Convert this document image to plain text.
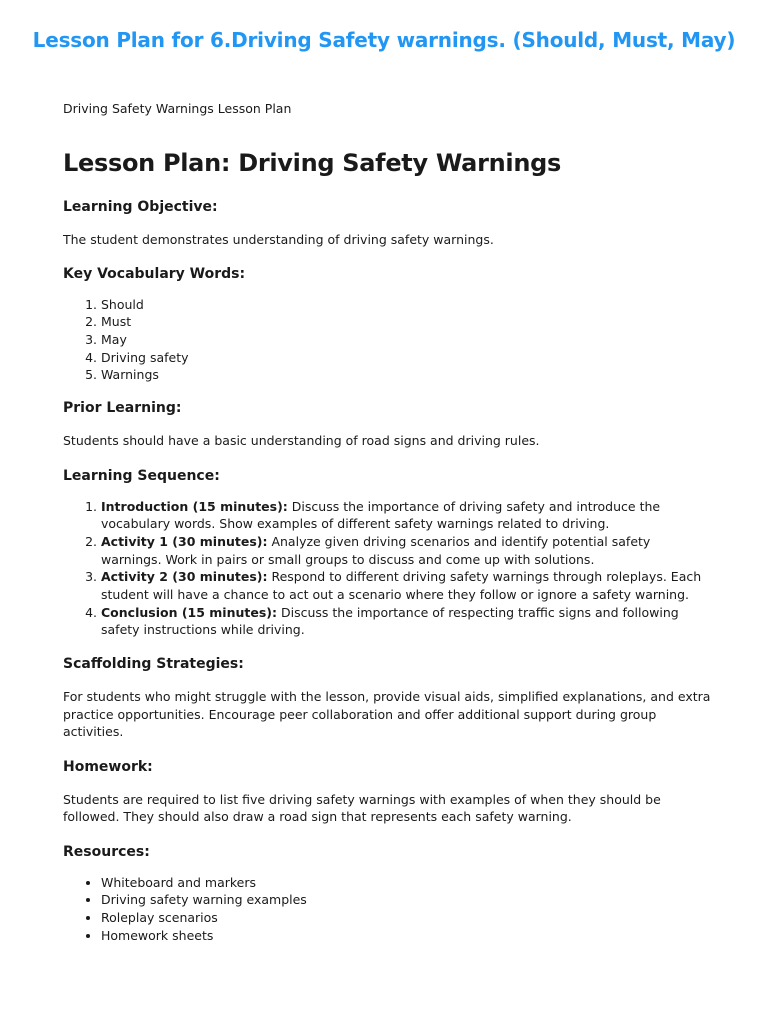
Lesson Plan for 6.Driving Safety warnings. (Should, Must, May)

Driving Safety Warnings Lesson Plan

Lesson Plan: Driving Safety Warnings
Learning Objective:

The student demonstrates understanding of driving safety warnings.

Key Vocabulary Words:
1. Should
2. Must
3. May
4. Driving safety
5. Warnings
Prior Learning:

Students should have a basic understanding of road signs and driving rules.

Learning Sequence:
1. Introduction (15 minutes): Discuss the importance of driving safety and introduce the vocabulary words. Show examples of different safety warnings related to driving.
2. Activity 1 (30 minutes): Analyze given driving scenarios and identify potential safety warnings. Work in pairs or small groups to discuss and come up with solutions.
3. Activity 2 (30 minutes): Respond to different driving safety warnings through roleplays. Each student will have a chance to act out a scenario where they follow or ignore a safety warning.
4. Conclusion (15 minutes): Discuss the importance of respecting traffic signs and following safety instructions while driving.
Scaffolding Strategies:

For students who might struggle with the lesson, provide visual aids, simplified explanations, and extra practice opportunities. Encourage peer collaboration and offer additional support during group activities.

Homework:

Students are required to list five driving safety warnings with examples of when they should be followed. They should also draw a road sign that represents each safety warning.

Resources:
• Whiteboard and markers
• Driving safety warning examples
• Roleplay scenarios
• Homework sheets
